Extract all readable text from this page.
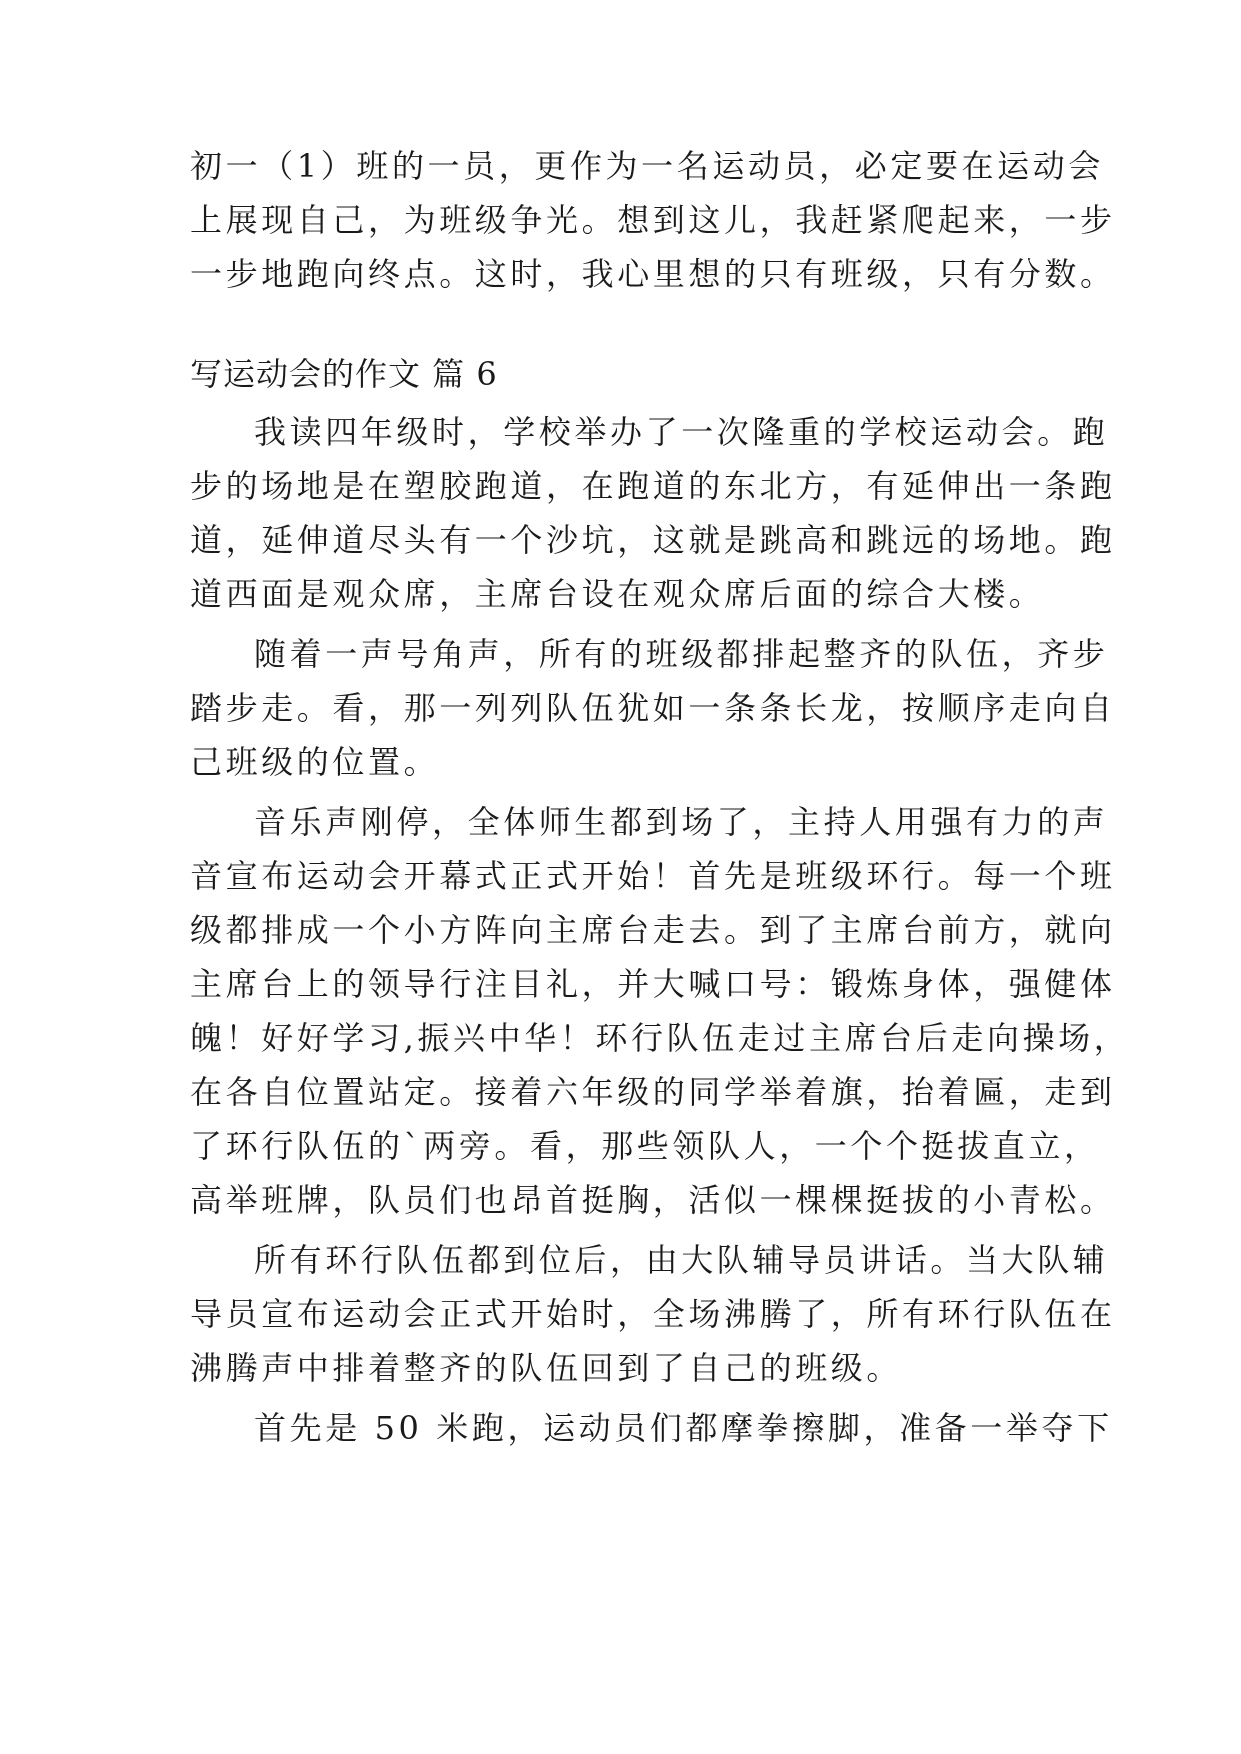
初一（1）班的一员，更作为一名运动员，必定要在运动会
上展现自己，为班级争光。想到这儿，我赶紧爬起来，一步
一步地跑向终点。这时，我心里想的只有班级，只有分数。
写运动会的作文 篇 6
我读四年级时，学校举办了一次隆重的学校运动会。跑
步的场地是在塑胶跑道，在跑道的东北方，有延伸出一条跑
道，延伸道尽头有一个沙坑，这就是跳高和跳远的场地。跑
道西面是观众席，主席台设在观众席后面的综合大楼。
随着一声号角声，所有的班级都排起整齐的队伍，齐步
踏步走。看，那一列列队伍犹如一条条长龙，按顺序走向自
己班级的位置。
音乐声刚停，全体师生都到场了，主持人用强有力的声
音宣布运动会开幕式正式开始！首先是班级环行。每一个班
级都排成一个小方阵向主席台走去。到了主席台前方，就向
主席台上的领导行注目礼，并大喊口号：锻炼身体，强健体
魄！好好学习,振兴中华！环行队伍走过主席台后走向操场，
在各自位置站定。接着六年级的同学举着旗，抬着匾，走到
了环行队伍的`两旁。看，那些领队人，一个个挺拔直立，
高举班牌，队员们也昂首挺胸，活似一棵棵挺拔的小青松。
所有环行队伍都到位后，由大队辅导员讲话。当大队辅
导员宣布运动会正式开始时，全场沸腾了，所有环行队伍在
沸腾声中排着整齐的队伍回到了自己的班级。
首先是 50 米跑，运动员们都摩拳擦脚，准备一举夺下
